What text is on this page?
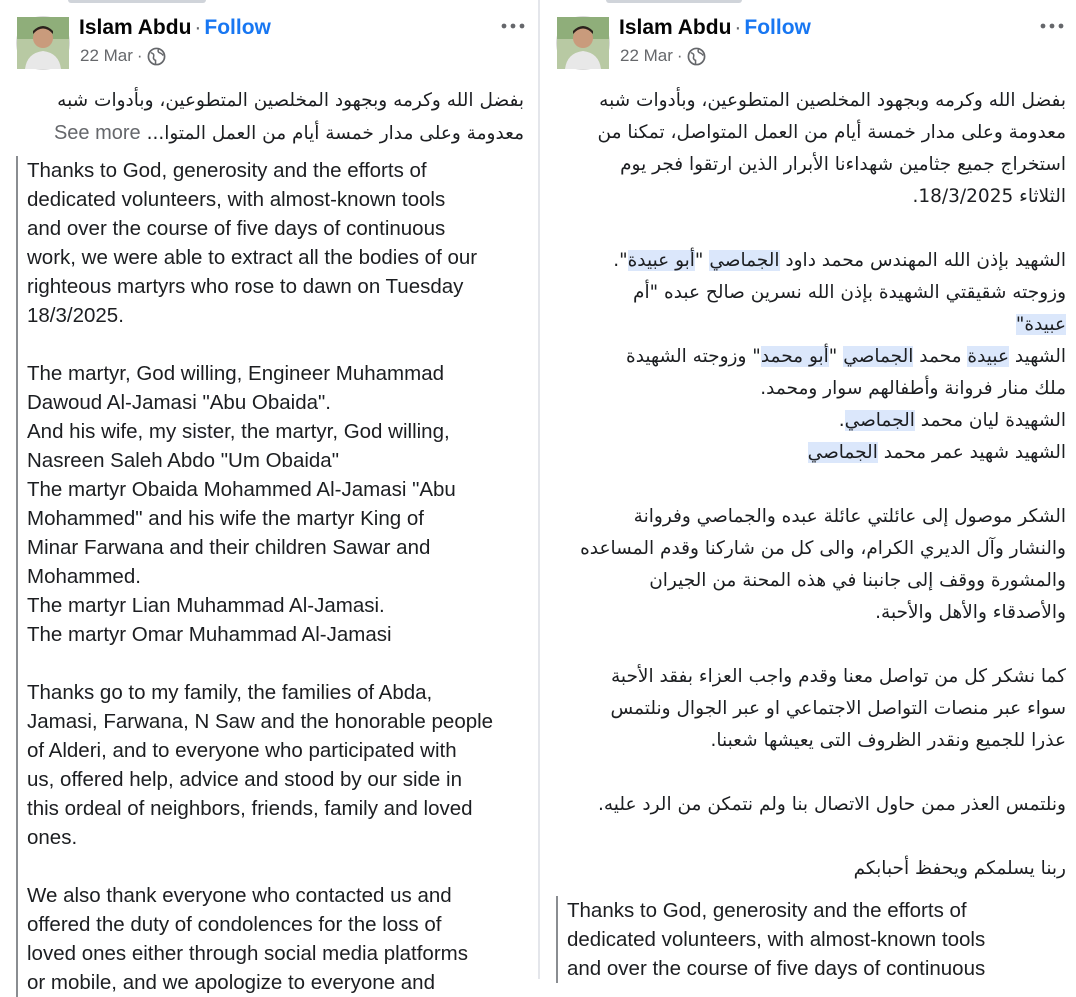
Islam Abdu · Follow
22 Mar ·

بفضل الله وكرمه وبجهود المخلصين المتطوعين، وبأدوات شبه

معدومة وعلى مدار خمسة أيام من العمل المتوا... See more

Thanks to God, generosity and the efforts of

dedicated volunteers, with almost-known tools

and over the course of five days of continuous

work, we were able to extract all the bodies of our

righteous martyrs who rose to dawn on Tuesday

18/3/2025.

The martyr, God willing, Engineer Muhammad

Dawoud Al-Jamasi "Abu Obaida".

And his wife, my sister, the martyr, God willing,

Nasreen Saleh Abdo "Um Obaida"

The martyr Obaida Mohammed Al-Jamasi "Abu

Mohammed" and his wife the martyr King of

Minar Farwana and their children Sawar and

Mohammed.

The martyr Lian Muhammad Al-Jamasi.

The martyr Omar Muhammad Al-Jamasi

Thanks go to my family, the families of Abda,

Jamasi, Farwana, N Saw and the honorable people

of Alderi, and to everyone who participated with

us, offered help, advice and stood by our side in

this ordeal of neighbors, friends, family and loved

ones.

We also thank everyone who contacted us and

offered the duty of condolences for the loss of

loved ones either through social media platforms

or mobile, and we apologize to everyone and

Islam Abdu · Follow
22 Mar ·

بفضل الله وكرمه وبجهود المخلصين المتطوعين، وبأدوات شبه

معدومة وعلى مدار خمسة أيام من العمل المتواصل، تمكنا من

استخراج جميع جثامين شهداءنا الأبرار الذين ارتقوا فجر يوم

الثلاثاء 18/3/2025.

الشهيد بإذن الله المهندس محمد داود الجماصي "أبو عبيدة".

وزوجته شقيقتي الشهيدة بإذن الله نسرين صالح عبده "أم

عبيدة"

الشهيد عبيدة محمد الجماصي "أبو محمد" وزوجته الشهيدة

ملك منار فروانة وأطفالهم سوار ومحمد.

الشهيدة ليان محمد الجماصي.

الشهيد شهيد عمر محمد الجماصي

الشكر موصول إلى عائلتي عائلة عبده والجماصي وفروانة

والنشار وآل الديري الكرام، والى كل من شاركنا وقدم المساعده

والمشورة ووقف إلى جانبنا في هذه المحنة من الجيران

والأصدقاء والأهل والأحبة.

كما نشكر كل من تواصل معنا وقدم واجب العزاء بفقد الأحبة

سواء عبر منصات التواصل الاجتماعي او عبر الجوال ونلتمس

عذرا للجميع ونقدر الظروف التى يعيشها شعبنا.

ونلتمس العذر ممن حاول الاتصال بنا ولم نتمكن من الرد عليه.

ربنا يسلمكم ويحفظ أحبابكم

Thanks to God, generosity and the efforts of

dedicated volunteers, with almost-known tools

and over the course of five days of continuous
